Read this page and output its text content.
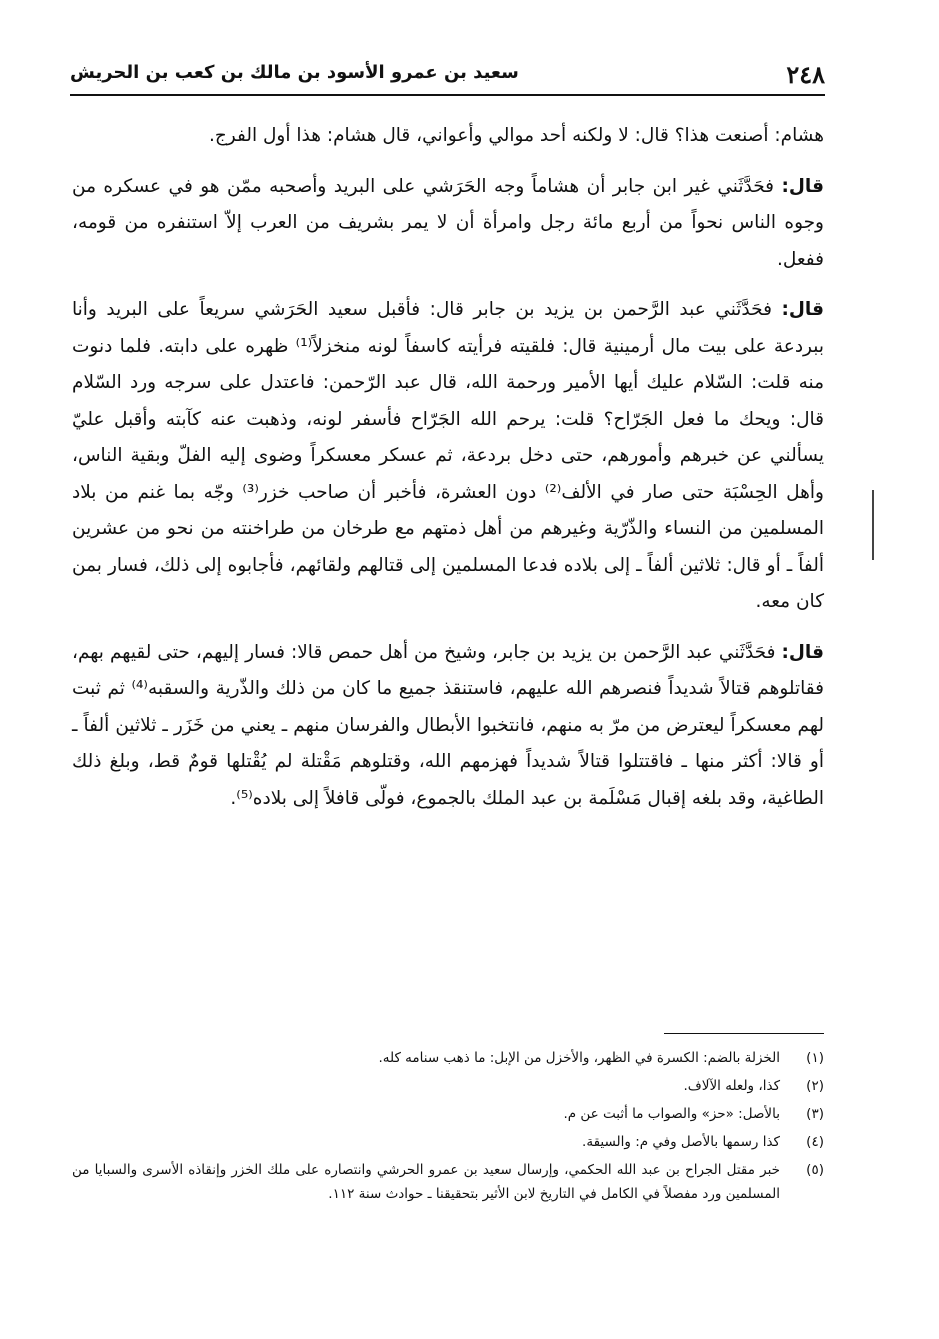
٢٤٨
سعيد بن عمرو الأسود بن مالك بن كعب بن الحريش

هشام: أصنعت هذا؟ قال: لا ولكنه أحد موالي وأعواني، قال هشام: هذا أول الفرج.

قال: فحَدَّثَني غير ابن جابر أن هشاماً وجه الحَرَشي على البريد وأصحبه ممّن هو في عسكره من وجوه الناس نحواً من أربع مائة رجل وامرأة أن لا يمر بشريف من العرب إلاّ استنفره من قومه، ففعل.

قال: فحَدَّثَني عبد الرَّحمن بن يزيد بن جابر قال: فأقبل سعيد الحَرَشي سريعاً على البريد وأنا ببردعة على بيت مال أرمينية قال: فلقيته فرأيته كاسفاً لونه منخزلاً⁽¹⁾ ظهره على دابته. فلما دنوت منه قلت: السّلام عليك أيها الأمير ورحمة الله، قال عبد الرّحمن: فاعتدل على سرجه ورد السّلام قال: ويحك ما فعل الجَرّاح؟ قلت: يرحم الله الجَرّاح فأسفر لونه، وذهبت عنه كآبته وأقبل عليّ يسألني عن خبرهم وأمورهم، حتى دخل بردعة، ثم عسكر معسكراً وضوى إليه الفلّ وبقية الناس، وأهل الحِسْبَة حتى صار في الألف⁽²⁾ دون العشرة، فأخبر أن صاحب خزر⁽³⁾ وجّه بما غنم من بلاد المسلمين من النساء والذّرّية وغيرهم من أهل ذمتهم مع طرخان من طراخنته من نحو من عشرين ألفاً ـ أو قال: ثلاثين ألفاً ـ إلى بلاده فدعا المسلمين إلى قتالهم ولقائهم، فأجابوه إلى ذلك، فسار بمن كان معه.

قال: فحَدَّثَني عبد الرَّحمن بن يزيد بن جابر، وشيخ من أهل حمص قالا: فسار إليهم، حتى لقيهم بهم، فقاتلوهم قتالاً شديداً فنصرهم الله عليهم، فاستنقذ جميع ما كان من ذلك والذّرية والسقبه⁽⁴⁾ ثم ثبت لهم معسكراً ليعترض من مرّ به منهم، فانتخبوا الأبطال والفرسان منهم ـ يعني من خَزَر ـ ثلاثين ألفاً ـ أو قالا: أكثر منها ـ فاقتتلوا قتالاً شديداً فهزمهم الله، وقتلوهم مَقْتلة لم يُقْتلها قومٌ قط، وبلغ ذلك الطاغية، وقد بلغه إقبال مَسْلَمة بن عبد الملك بالجموع، فولّى قافلاً إلى بلاده⁽⁵⁾.

(١)
الخزلة بالضم: الكسرة في الظهر، والأخزل من الإبل: ما ذهب سنامه كله.
(٢)
كذا، ولعله الآلاف.
(٣)
بالأصل: «حز» والصواب ما أثبت عن م.
(٤)
كذا رسمها بالأصل وفي م: والسيقة.
(٥)
خبر مقتل الجراح بن عبد الله الحكمي، وإرسال سعيد بن عمرو الحرشي وانتصاره على ملك الخزر وإنقاذه الأسرى والسبايا من المسلمين ورد مفصلاً في الكامل في التاريخ لابن الأثير بتحقيقنا ـ حوادث سنة ١١٢.
